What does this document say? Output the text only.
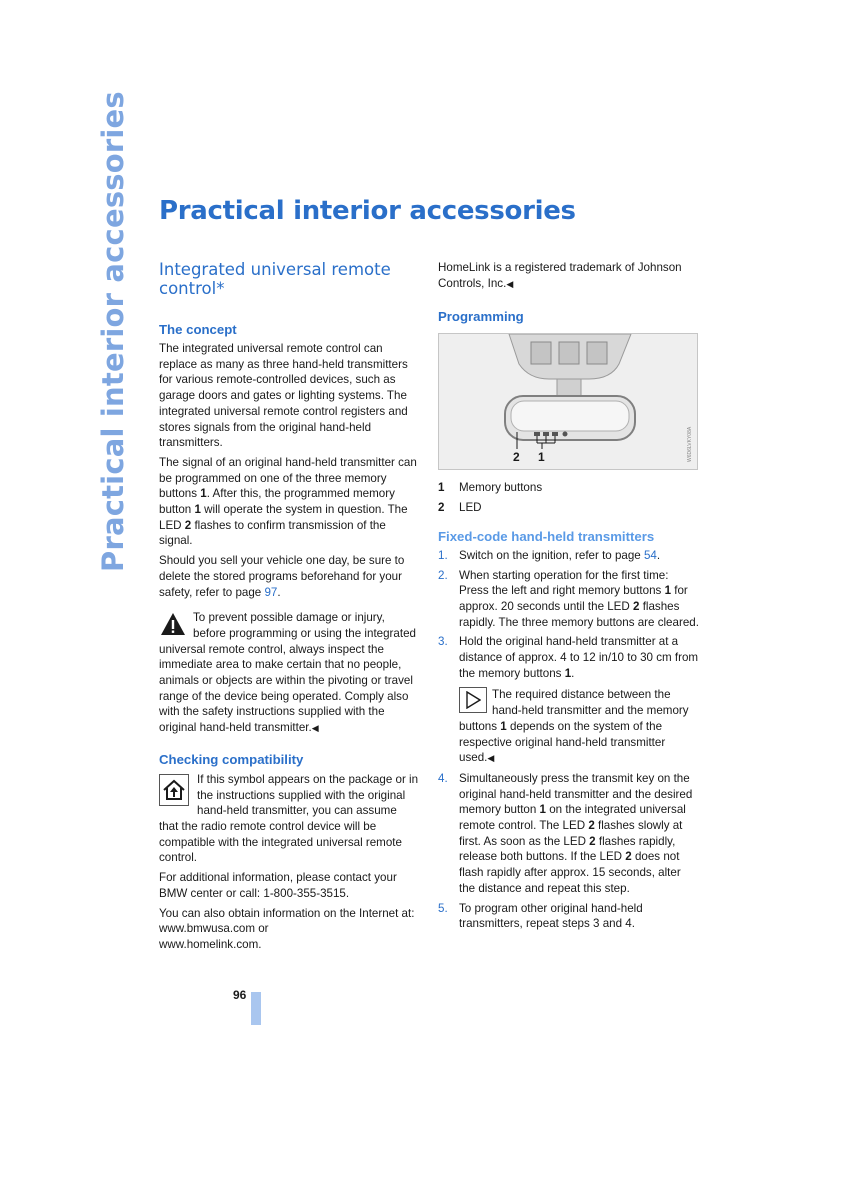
Practical interior accessories Practical interior accessories
Integrated universal remote control*
The concept

The integrated universal remote control can replace as many as three hand-held transmitters for various remote-controlled devices, such as garage doors and gates or lighting systems. The integrated universal remote control registers and stores signals from the original hand-held transmitters.

The signal of an original hand-held transmitter can be programmed on one of the three memory buttons 1. After this, the programmed memory button 1 will operate the system in question. The LED 2 flashes to confirm transmission of the signal.

Should you sell your vehicle one day, be sure to delete the stored programs beforehand for your safety, refer to page 97.

To prevent possible damage or injury, before programming or using the integrated universal remote control, always inspect the immediate area to make certain that no people, animals or objects are within the pivoting or travel range of the device being operated. Comply also with the safety instructions supplied with the original hand-held transmitter.◀

Checking compatibility

If this symbol appears on the package or in the instructions supplied with the original hand-held transmitter, you can assume that the radio remote control device will be compatible with the integrated universal remote control.

For additional information, please contact your BMW center or call: 1-800-355-3515.

You can also obtain information on the Internet at:

www.bmwusa.com or

www.homelink.com.

HomeLink is a registered trademark of Johnson Controls, Inc.◀

Programming
2 1	W6D6LVKY08A
1	Memory buttons
2	LED
Fixed-code hand-held transmitters
1. Switch on the ignition, refer to page 54.

2. When starting operation for the first time: Press the left and right memory buttons 1 for approx. 20 seconds until the LED 2 flashes rapidly. The three memory buttons are cleared.

3. Hold the original hand-held transmitter at a distance of approx. 4 to 12 in/10 to 30 cm from the memory buttons 1.

The required distance between the hand-held transmitter and the memory buttons 1 depends on the system of the respective original hand-held transmitter used.◀

4. Simultaneously press the transmit key on the original hand-held transmitter and the desired memory button 1 on the integrated universal remote control. The LED 2 flashes slowly at first. As soon as the LED 2 flashes rapidly, release both buttons. If the LED 2 does not flash rapidly after approx. 15 seconds, alter the distance and repeat this step.

5. To program other original hand-held transmitters, repeat steps 3 and 4.

96
